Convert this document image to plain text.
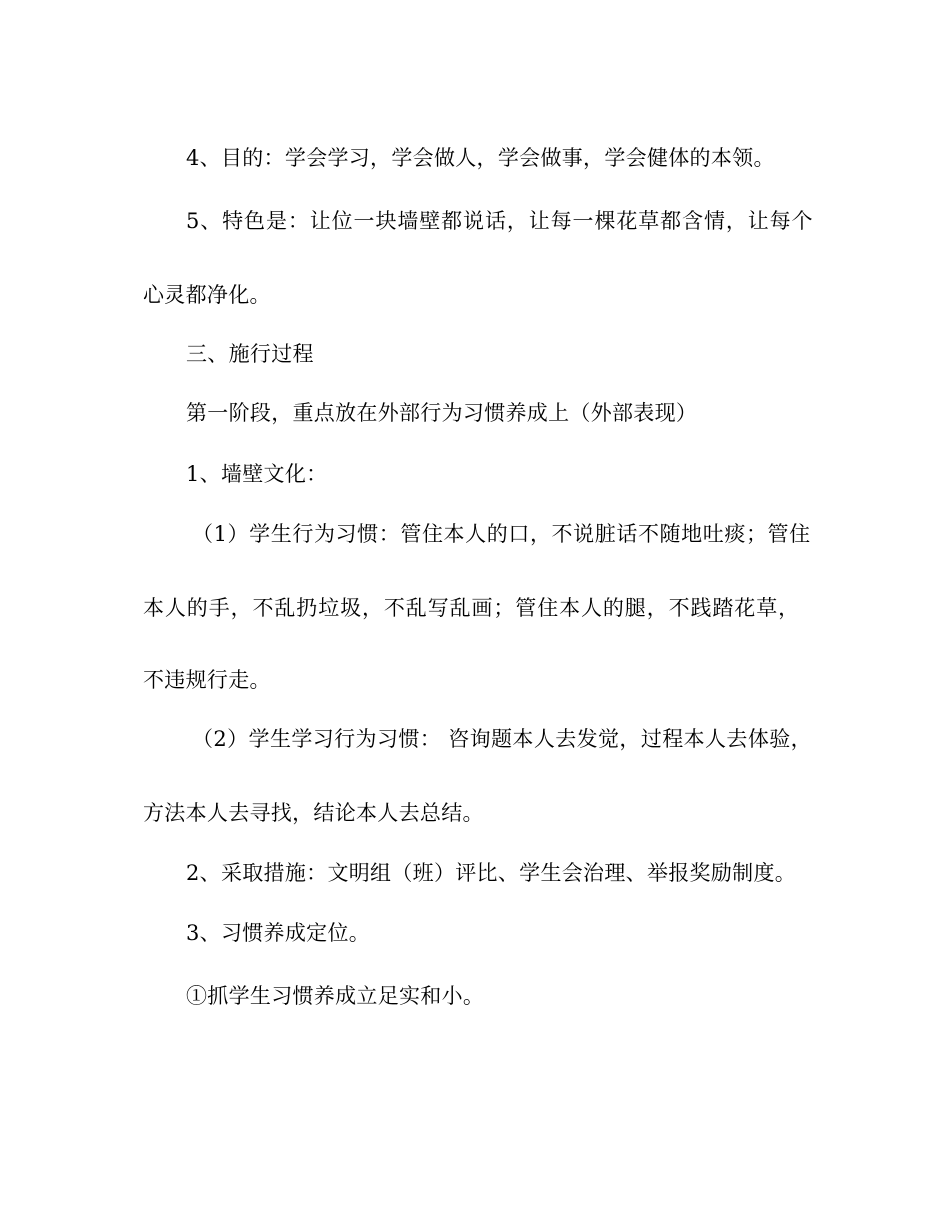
4、目的：学会学习，学会做人，学会做事，学会健体的本领。
5、特色是：让位一块墙壁都说话，让每一棵花草都含情，让每个
心灵都净化。
三、施行过程
第一阶段，重点放在外部行为习惯养成上（外部表现）
1、墙壁文化：
（1）学生行为习惯：管住本人的口，不说脏话不随地吐痰；管住
本人的手，不乱扔垃圾，不乱写乱画；管住本人的腿，不践踏花草，
不违规行走。
（2）学生学习行为习惯： 咨询题本人去发觉，过程本人去体验，
方法本人去寻找，结论本人去总结。
2、采取措施：文明组（班）评比、学生会治理、举报奖励制度。
3、习惯养成定位。
①抓学生习惯养成立足实和小。
